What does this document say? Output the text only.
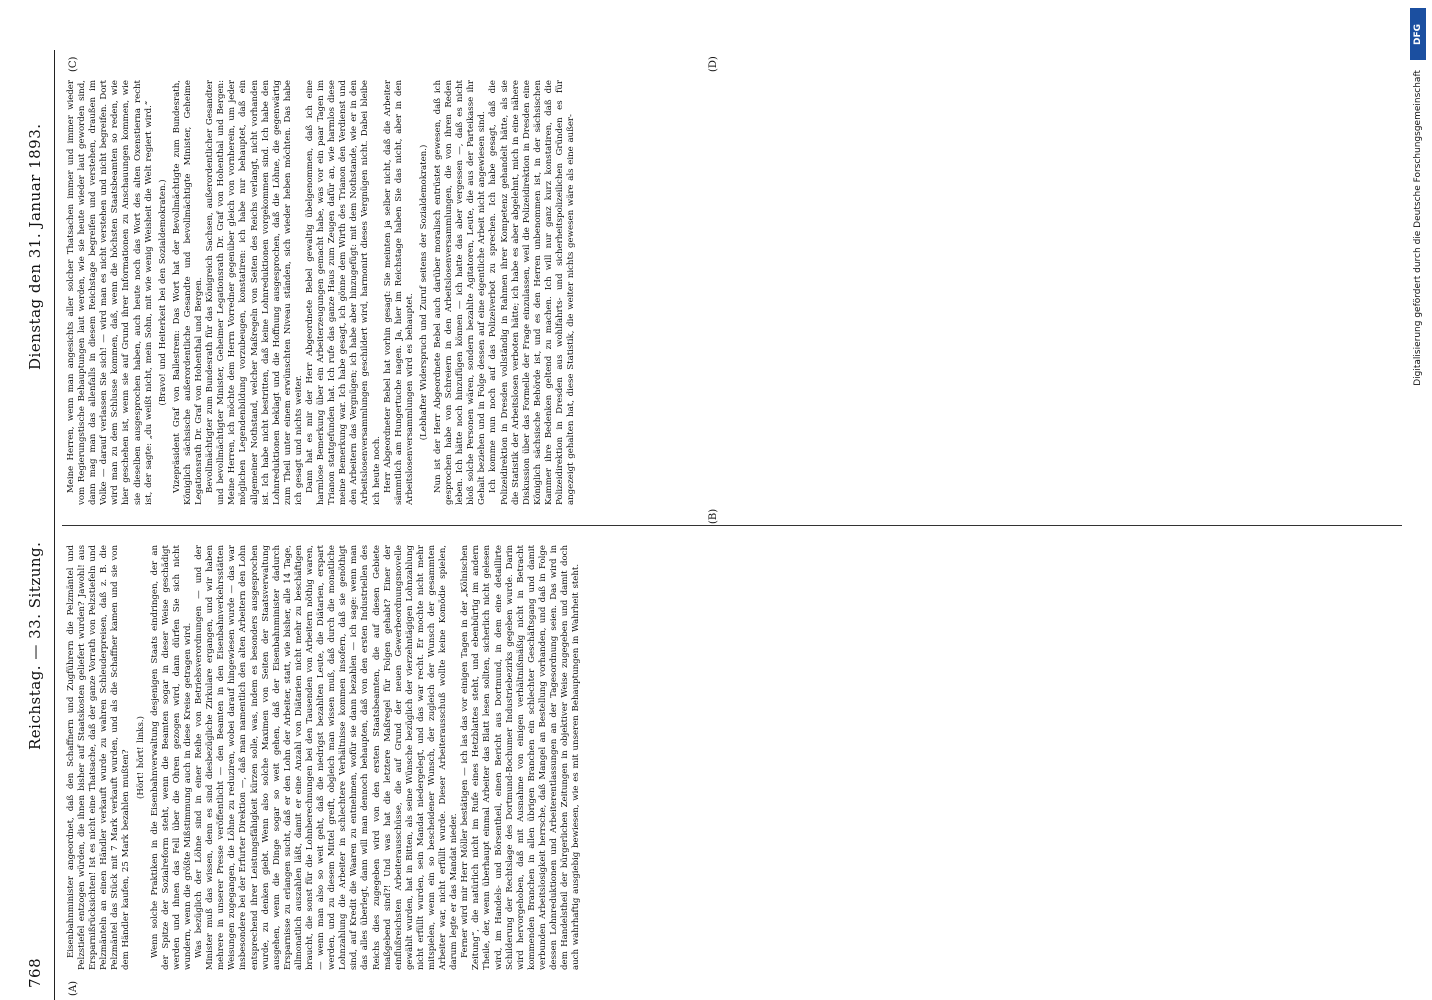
768
Reichstag. — 33. Sitzung.
Dienstag den 31. Januar 1893.
(A)
(B)
(C)	(D)

Eisenbahnminister angeordnet, daß den Schaffnern und Zugführern die Pelzmäntel und Pelzstiefel entzogen würden, die ihnen bisher auf Staatskosten geliefert wurden? Jawohl! aus Ersparnißrücksichten! Ist es nicht eine Thatsache, daß der ganze Vorrath von Pelzstiefeln und Pelzmänteln an einen Händler verkauft wurde zu wahren Schleuderpreisen, daß z. B. die Pelzmäntel das Stück mit 7 Mark verkauft wurden, und als die Schaffner kamen und sie von dem Händler kaufen, 25 Mark bezahlen mußten? (Hört! hört! links.) Wenn solche Praktiken in die Eisenbahnverwaltung desjenigen Staats eindringen, der an der Spitze der Sozialreform steht, wenn die Beamten sogar in dieser Weise geschädigt werden und ihnen das Fell über die Ohren gezogen wird, dann dürfen Sie sich nicht wundern, wenn die größte Mißstimmung auch in diese Kreise getragen wird. Was bezüglich der Löhne sind in einer Reihe von Betriebsverordnungen — und der Minister muß das wissen, denn es sind diesbezügliche Zirkulare ergangen, und wir haben mehrere in unserer Presse veröffentlicht — den Beamten in den Eisenbahnverkehrsstätten Weisungen zugegangen, die Löhne zu reduziren, wobei darauf hingewiesen wurde — das war insbesondere bei der Erfurter Direktion —, daß man namentlich den alten Arbeitern den Lohn entsprechend ihrer Leistungsfähigkeit kürzen solle, was, indem es besonders ausgesprochen wurde, zu denken giebt. Wenn also solche Maximen von Seiten der Staatsverwaltung ausgehen, wenn die Dinge sogar so weit gehen, daß der Eisenbahnminister dadurch Ersparnisse zu erlangen sucht, daß er den Lohn der Arbeiter, statt, wie bisher, alle 14 Tage, allmonatlich auszahlen läßt, damit er eine Anzahl von Diätarien nicht mehr zu beschäftigen braucht, die sonst für die Lohnberechnungen bei den Tausenden von Arbeitern nöthig waren, — wenn man also so weit geht, daß die niedrigst bezahlten Leute, die Diätarien, erspart werden, und zu diesem Mittel greift, obgleich man wissen muß, daß durch die monatliche Lohnzahlung die Arbeiter in schlechtere Verhältnisse kommen insofern, daß sie genöthigt sind, auf Kredit die Waaren zu entnehmen, wofür sie dann bezahlen — ich sage: wenn man das alles überlegt, dann will man dennoch behaupten, daß von den ersten Industriellen des Reichs dies zugegeben wird von den ersten Staatsbeamten, die auf diesen Gebiete maßgebend sind?! Und was hat die letztere Maßregel für Folgen gehabt? Einer der einflußreichsten Arbeiterausschüsse, die auf Grund der neuen Gewerbeordnungsnovelle gewählt wurden, hat in Bitten, als seine Wünsche bezüglich der vierzehntägigen Lohnzahlung nicht erfüllt wurden, sein Mandat niedergelegt, und das war recht. Er mochte nicht mehr mitspielen, wenn ein so bescheidener Wunsch, der zugleich der Wunsch der gesammten Arbeiter war, nicht erfüllt wurde. Dieser Arbeiterausschuß wollte keine Komödie spielen, darum legte er das Mandat nieder. Ferner wird mir Herr Möller bestätigen — ich las das vor einigen Tagen in der „Kölnischen Zeitung“, die natürlich nicht im Rufe eines Hetzblattes steht, und ebenbürtig im andern Theile, der, wenn überhaupt einmal Arbeiter das Blatt lesen sollten, sicherlich nicht gelesen wird, im Handels- und Börsentheil, einen Bericht aus Dortmund, in dem eine detaillirte Schilderung der Rechtslage des Dortmund-Bochumer Industriebezirks gegeben wurde. Darin wird hervorgehoben, daß mit Ausnahme von einigen verhältnißmäßig nicht in Betracht kommenden Branchen in allen übrigen Branchen ein schlechter Geschäftsgang und damit verbunden Arbeitslosigkeit herrsche, daß Mangel an Bestellung vorhanden, und daß in Folge dessen Lohnreduktionen und Arbeiterentlassungen an der Tagesordnung seien. Das wird in dem Handelstheil der bürgerlichen Zeitungen in objektiver Weise zugegeben und damit doch auch wahrhaftig ausgiebig bewiesen, wie es mit unseren Behauptungen in Wahrheit steht.

Meine Herren, wenn man angesichts aller solcher Thatsachen immer und immer wieder vom Regierungstische Behauptungen laut werden, wie sie heute wieder laut geworden sind, dann mag man das allenfalls in diesem Reichstage begreifen und verstehen, draußen im Volke — darauf verlassen Sie sich! — wird man es nicht verstehen und nicht begreifen. Dort wird man zu dem Schlusse kommen, daß, wenn die höchsten Staatsbeamten so reden, wie hier geschehen ist, wenn sie auf Grund ihrer Informationen zu Anschauungen kommen, wie sie dieselben ausgesprochen haben, auch heute noch das Wort des alten Oxenstierna recht ist, der sagte: „du weißt nicht, mein Sohn, mit wie wenig Weisheit die Welt regiert wird.“ (Bravo! und Heiterkeit bei den Sozialdemokraten.) Vizepräsident Graf von Ballestrem: Das Wort hat der Bevollmächtigte zum Bundesrath, Königlich sächsische außerordentliche Gesandte und bevollmächtigte Minister, Geheime Legationsrath Dr. Graf von Hohenthal und Bergen. Bevollmächtigter zum Bundesrath für das Königreich Sachsen, außerordentlicher Gesandter und bevollmächtigter Minister, Geheimer Legationsrath Dr. Graf von Hohenthal und Bergen: Meine Herren, ich möchte dem Herrn Vorredner gegenüber gleich von vornherein, um jeder möglichen Legendenbildung vorzubeugen, konstatiren: ich habe nur behauptet, daß ein allgemeiner Nothstand, welcher Maßregeln von Seiten des Reichs verlangt, nicht vorhanden ist. Ich habe nicht bestritten, daß keine Lohnreduktionen vorgekommen sind. Ich habe den Lohnreduktionen beklagt und die Hoffnung ausgesprochen, daß die Löhne, die gegenwärtig zum Theil unter einem erwünschten Niveau ständen, sich wieder heben möchten. Das habe ich gesagt und nichts weiter. Dann hat es mir der Herr Abgeordnete Bebel gewaltig übelgenommen, daß ich eine harmlose Bemerkung über ein Arbeiterzeugungen gemacht habe, was vor ein paar Tagen im Trianon stattgefunden hat. Ich rufe das ganze Haus zum Zeugen dafür an, wie harmlos diese meine Bemerkung war. Ich habe gesagt, ich gönne dem Wirth des Trianon den Verdienst und den Arbeitern das Vergnügen; ich habe aber hinzugefügt: mit dem Nothstande, wie er in den Arbeitslosenversammlungen geschildert wird, harmonirt dieses Vergnügen nicht. Dabei bleibe ich heute noch. Herr Abgeordneter Bebel hat vorhin gesagt: Sie meinten ja selber nicht, daß die Arbeiter sämmtlich am Hungertuche nagen. Ja, hier im Reichstage haben Sie das nicht, aber in den Arbeitslosenversammlungen wird es behauptet. (Lebhafter Widerspruch und Zuruf seitens der Sozialdemokraten.) Nun ist der Herr Abgeordnete Bebel auch darüber moralisch entrüstet gewesen, daß ich gesprochen habe von Schreiern in den Arbeitslosenversammlungen, die von ihren Reden leben. Ich hätte noch hinzufügen können — ich hatte das aber vergessen —, daß es nicht bloß solche Personen wären, sondern bezahlte Agitatoren, Leute, die aus der Parteikasse ihr Gehalt beziehen und in Folge dessen auf eine eigentliche Arbeit nicht angewiesen sind. Ich komme nun noch auf das Polizeiverbot zu sprechen. Ich habe gesagt, daß die Polizeidirektion in Dresden vollständig in Rahmen ihrer Kompetenz gehandelt hätte, als sie die Statistik der Arbeitslosen verboten hätte; ich habe es aber abgelehnt, mich in eine nähere Diskussion über das Formelle der Frage einzulassen, weil die Polizeidirektion in Dresden eine Königlich sächsische Behörde ist, und es den Herren unbenommen ist, in der sächsischen Kammer ihre Bedenken geltend zu machen. Ich will nur ganz kurz konstatiren, daß die Polizeidirektion in Dresden aus wohlfahrts- und sicherheitspolizeilichen Gründen es für angezeigt gehalten hat, diese Statistik, die weiter nichts gewesen wäre als eine außer-	Digitalisierung gefördert durch die Deutsche Forschungsgemeinschaft
DFG
